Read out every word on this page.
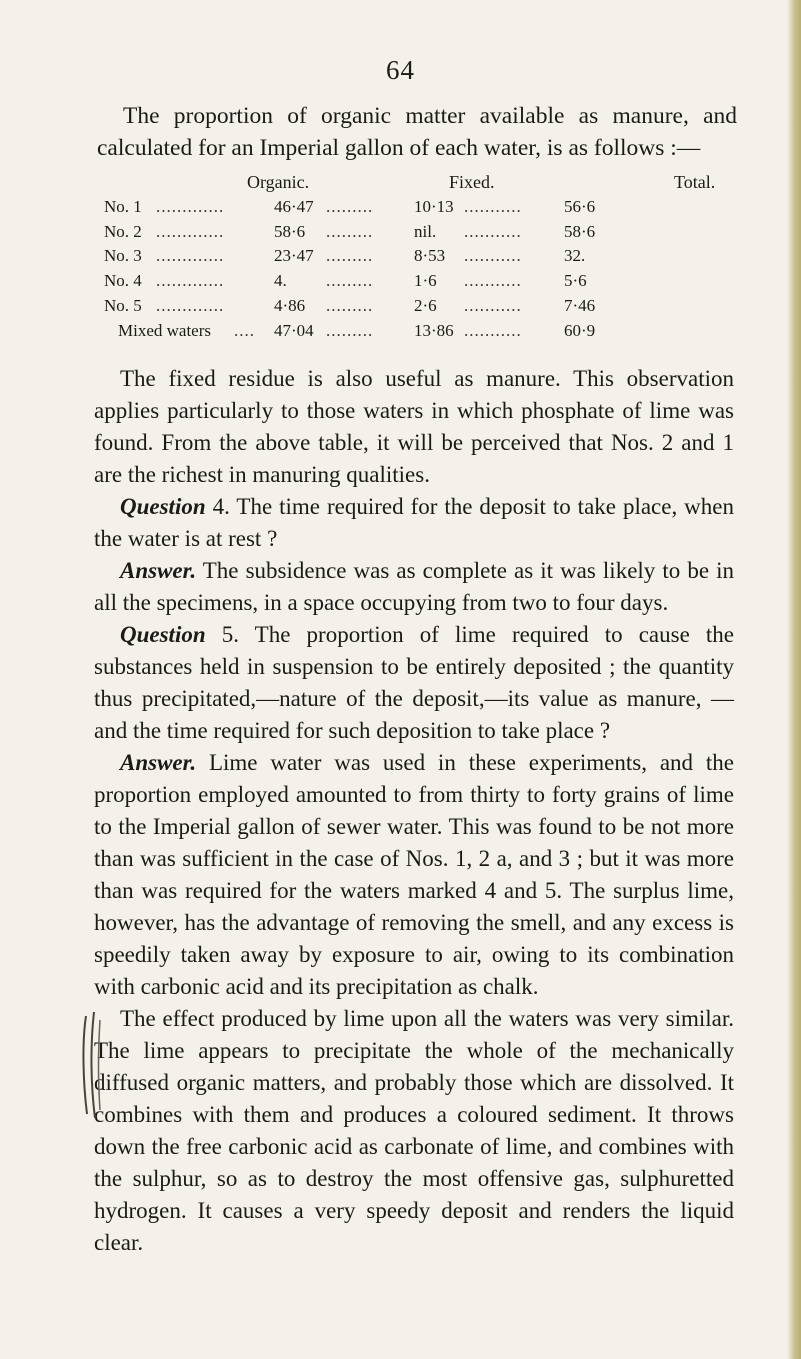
64

The proportion of organic matter available as manure, and calculated for an Imperial gallon of each water, is as follows :—

Organic.	Fixed.	Total.
No. 1 .............	46·47 ......... 10·13 ........... 56·6
No. 2 .............	58·6 ......... nil. ........... 58·6
No. 3 .............	23·47 ......... 8·53 ........... 32.
No. 4 .............	4. ......... 1·6 ........... 5·6
No. 5 .............	4·86 ......... 2·6 ........... 7·46
Mixed waters .... 47·04 ......... 13·86 ........... 60·9

The fixed residue is also useful as manure. This observation applies particularly to those waters in which phosphate of lime was found. From the above table, it will be perceived that Nos. 2 and 1 are the richest in manuring qualities.

Question 4. The time required for the deposit to take place, when the water is at rest ?

Answer. The subsidence was as complete as it was likely to be in all the specimens, in a space occupying from two to four days.

Question 5. The proportion of lime required to cause the substances held in suspension to be entirely deposited ; the quantity thus precipitated,—nature of the deposit,—its value as manure, —and the time required for such deposition to take place ?

Answer. Lime water was used in these experiments, and the proportion employed amounted to from thirty to forty grains of lime to the Imperial gallon of sewer water. This was found to be not more than was sufficient in the case of Nos. 1, 2 a, and 3 ; but it was more than was required for the waters marked 4 and 5. The surplus lime, however, has the advantage of removing the smell, and any excess is speedily taken away by exposure to air, owing to its combination with carbonic acid and its precipitation as chalk.

The effect produced by lime upon all the waters was very similar. The lime appears to precipitate the whole of the mechanically diffused organic matters, and probably those which are dissolved. It combines with them and produces a coloured sediment. It throws down the free carbonic acid as carbonate of lime, and combines with the sulphur, so as to destroy the most offensive gas, sulphuretted hydrogen. It causes a very speedy deposit and renders the liquid clear.
